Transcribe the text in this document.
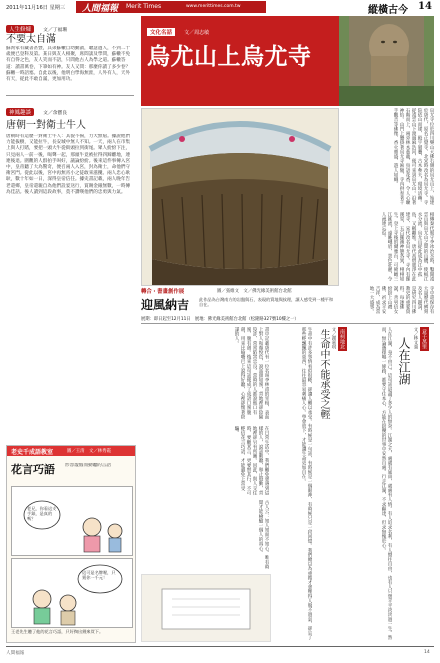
2011年11月16日 星期三 人間福報 Merit Times	www.merittimes.com.tw	縱橫古今 14
人生修煉	文／丁福珊
不要太自滿
蘇洵家有藏書甚豐，其弟蘇轍自幼勤讀，聰慧過人，不到二十歲便已登科及第。某日與友人相聚，席間談及學問，蘇轍不免有自得之色，友人笑而不語，只問他古人為學之道。蘇轍答道：讀書萬卷，下筆如有神。友人又問：那麼你讀了多少卷？蘇轍一時語塞。自此以後，他明白學海無涯，人外有人，天外有天，從此不敢自滿，更加用功。
神鳳趣談	文／余寶良
唐朝一對衛士牛人
唐朝時有這麼一對衛士牛人：其貌不揚，力大無窮。據說他們力能拔樹，又能拉牛，長安城中無人不知。一天，兩人在市集上與人打賭，要把一頭大牛從街頭拉到街尾。眾人紛紛下注，只見兩人一前一後，喝聲一起，那頭牛竟被拉得四蹄離地，連連後退。圍觀的人群拍手叫好，議論紛紛。後來這件事傳入宮中，皇帝聽了大為驚奇，便召兩人入宮，封為衛士，命他們守衛宮門。從此以後，宮中再無宵小之徒敢來滋擾。兩人忠心耿耿，數十年如一日，深得皇帝信任。據史書記載，兩人晚年告老還鄉，皇帝還親自為他們設宴送行，賞賜金銀無數，一時傳為佳話。後人讀到這段故事，莫不讚嘆他們的忠勇與力氣。
老史千成語教室	圖／王清　文／林秀霞
花言巧語 形容虛假而動聽的言語
老兄，你看這支手錶，是真的嗎？
這可是名牌喔，只賣你一千元！
王老先生聽了他的花言巧語，只好掏出錢來買下。
文化名話 文／周志敏
烏尤山上烏尤寺
烏尤寺位於四川樂山大佛右側的烏尤山上，始建於唐代，原名正覺寺，北宋時改名為烏尤寺。寺院依山而建，殿宇層疊，古木參天，環境清幽。從凌雲山下渡過麻浩河，便可來到烏尤山。沿著石階而上，兩旁林木蔥蘢，鳥語花香，令人心曠神怡。山門上懸掛著烏尤寺匾額，寺內供奉著千手觀音等佛像，香火鼎盛，遊人如織。
相傳秦代蜀守李冰治水時，鑿開凌雲山與烏尤山之間的山體，使岷江水分流，烏尤山從此成為江中孤島，又稱離堆。唐代高僧惠淨在此建寺，宋代改名烏尤寺。寺內有羅漢堂，五百羅漢神態各異，栩栩如生。登上寺後的爾雅台，可俯瞰三江匯流，遠眺峨眉，景色壯麗，令人流連忘返。
寺中還保存有大量歷代碑刻及名人題詞，是研究四川佛教史的重要資料。每逢佛誕，善男信女紛紛上山禮佛，祈求平安吉祥，成為當地一大盛事。
轉合・書畫創作展	圖／張維文　文／佛光緣美術館台北館
迎風納吉 此作品為台灣南方的岩盤與石，表現的質地與紋理，讓人感受到一種平和自在。
展期：即日起至12月11日　展地：佛光緣美術館台北館（松隆路327號10樓之一）
書中記載唐代有一位名叫李林甫的宰相，表面上對人和顏悅色，說話甜如蜜，背地裡卻陰險狡詐，常常陷害忠良。當時的人都說他口有蜜，腹有劍。後來這句話便成了成語口蜜腹劍，用來比喻嘴巴上說得好聽，心裡卻懷著陰謀的人。
在日常生活中，我們難免會遇到這樣的人，說話動聽，舉止殷勤，背地裡卻另有所圖。因此，與人交往時，要觀其言，更要察其行，不可輕信花言巧語，才能避免上當受騙。
古人云：知人知面不知心。唯有時間才能檢驗一個人的真心。
南柯地北
文／謝嘉琪
生命中不能承受之輕
生命中有許多事情看似很輕，卻讓人難以承受。有時候是一句話，有時候是一個眼神，有時候只是一段回憶。我們總以為重擔才會壓得人喘不過氣，卻忘了那些輕飄飄的東西，往往最容易刺痛人心。學會放下，才能讓生命更加自在。	意千萬里
文／林文義
人在江湖
人在江湖，身不由己。這句話道盡了多少人的無奈。江湖之大，處處有風雨，處處有人情。有人追求名利，有人嚮往自由，也有人只想平平淡淡過一生。然而，無論選擇哪一條路，都要守住本心，方能在紛擾的世事中安然自處。行走江湖，不求顯達，但求無愧於心。
人間福報	14
